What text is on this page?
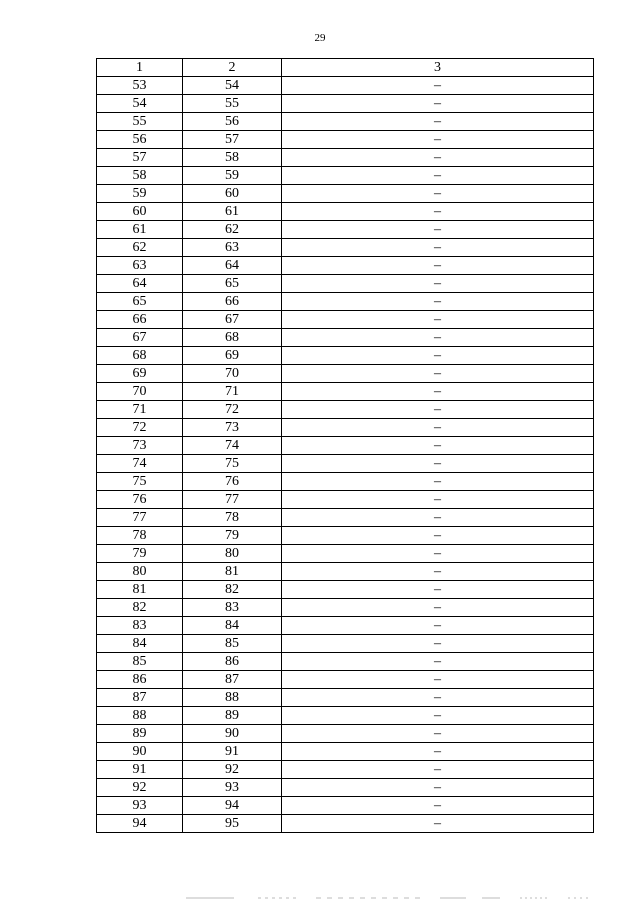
29
1	2	3
53	54	–
54	55	–
55	56	–
56	57	–
57	58	–
58	59	–
59	60	–
60	61	–
61	62	–
62	63	–
63	64	–
64	65	–
65	66	–
66	67	–
67	68	–
68	69	–
69	70	–
70	71	–
71	72	–
72	73	–
73	74	–
74	75	–
75	76	–
76	77	–
77	78	–
78	79	–
79	80	–
80	81	–
81	82	–
82	83	–
83	84	–
84	85	–
85	86	–
86	87	–
87	88	–
88	89	–
89	90	–
90	91	–
91	92	–
92	93	–
93	94	–
94	95	–
